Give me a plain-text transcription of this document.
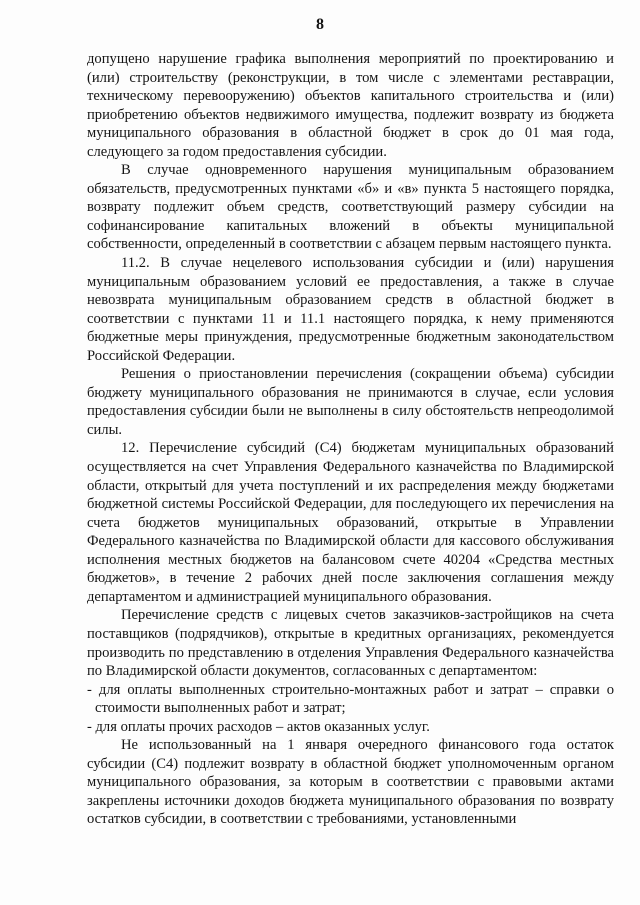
8

допущено нарушение графика выполнения мероприятий по проектированию и (или) строительству (реконструкции, в том числе с элементами реставрации, техническому перевооружению) объектов капитального строительства и (или) приобретению объектов недвижимого имущества, подлежит возврату из бюджета муниципального образования в областной бюджет в срок до 01 мая года, следующего за годом предоставления субсидии.

В случае одновременного нарушения муниципальным образованием обязательств, предусмотренных пунктами «б» и «в» пункта 5 настоящего порядка, возврату подлежит объем средств, соответствующий размеру субсидии на софинансирование капитальных вложений в объекты муниципальной собственности, определенный в соответствии с абзацем первым настоящего пункта.

11.2. В случае нецелевого использования субсидии и (или) нарушения муниципальным образованием условий ее предоставления, а также в случае невозврата муниципальным образованием средств в областной бюджет в соответствии с пунктами 11 и 11.1 настоящего порядка, к нему применяются бюджетные меры принуждения, предусмотренные бюджетным законодательством Российской Федерации.

Решения о приостановлении перечисления (сокращении объема) субсидии бюджету муниципального образования не принимаются в случае, если условия предоставления субсидии были не выполнены в силу обстоятельств непреодолимой силы.

12. Перечисление субсидий (С4) бюджетам муниципальных образований осуществляется на счет Управления Федерального казначейства по Владимирской области, открытый для учета поступлений и их распределения между бюджетами бюджетной системы Российской Федерации, для последующего их перечисления на счета бюджетов муниципальных образований, открытые в Управлении Федерального казначейства по Владимирской области для кассового обслуживания исполнения местных бюджетов на балансовом счете 40204 «Средства местных бюджетов», в течение 2 рабочих дней после заключения соглашения между департаментом и администрацией муниципального образования.

Перечисление средств с лицевых счетов заказчиков-застройщиков на счета поставщиков (подрядчиков), открытые в кредитных организациях, рекомендуется производить по представлению в отделения Управления Федерального казначейства по Владимирской области документов, согласованных с департаментом:

- для оплаты выполненных строительно-монтажных работ и затрат – справки о стоимости выполненных работ и затрат;

- для оплаты прочих расходов – актов оказанных услуг.

Не использованный на 1 января очередного финансового года остаток субсидии (С4) подлежит возврату в областной бюджет уполномоченным органом муниципального образования, за которым в соответствии с правовыми актами закреплены источники доходов бюджета муниципального образования по возврату остатков субсидии, в соответствии с требованиями, установленными
